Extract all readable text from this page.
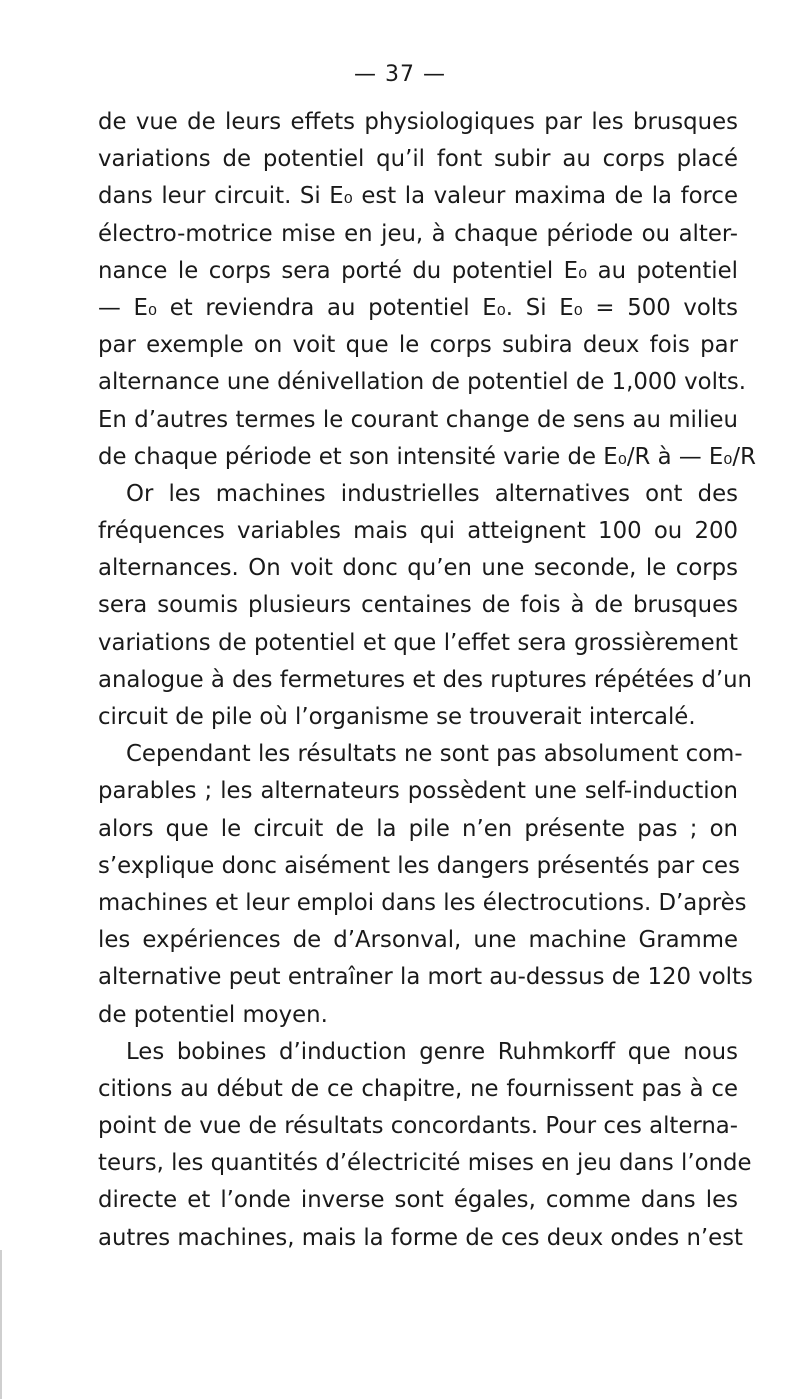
— 37 —
de vue de leurs effets physiologiques par les brusques
variations de potentiel qu’il font subir au corps placé
dans leur circuit. Si E₀ est la valeur maxima de la force
électro-motrice mise en jeu, à chaque période ou alter-
nance le corps sera porté du potentiel E₀ au potentiel
— E₀ et reviendra au potentiel E₀. Si E₀ = 500 volts
par exemple on voit que le corps subira deux fois par
alternance une dénivellation de potentiel de 1,000 volts.
En d’autres termes le courant change de sens au milieu
de chaque période et son intensité varie de E₀/R à — E₀/R
Or les machines industrielles alternatives ont des
fréquences variables mais qui atteignent 100 ou 200
alternances. On voit donc qu’en une seconde, le corps
sera soumis plusieurs centaines de fois à de brusques
variations de potentiel et que l’effet sera grossièrement
analogue à des fermetures et des ruptures répétées d’un
circuit de pile où l’organisme se trouverait intercalé.
Cependant les résultats ne sont pas absolument com-
parables ; les alternateurs possèdent une self-induction
alors que le circuit de la pile n’en présente pas ; on
s’explique donc aisément les dangers présentés par ces
machines et leur emploi dans les électrocutions. D’après
les expériences de d’Arsonval, une machine Gramme
alternative peut entraîner la mort au-dessus de 120 volts
de potentiel moyen.
Les bobines d’induction genre Ruhmkorff que nous
citions au début de ce chapitre, ne fournissent pas à ce
point de vue de résultats concordants. Pour ces alterna-
teurs, les quantités d’électricité mises en jeu dans l’onde
directe et l’onde inverse sont égales, comme dans les
autres machines, mais la forme de ces deux ondes n’est
